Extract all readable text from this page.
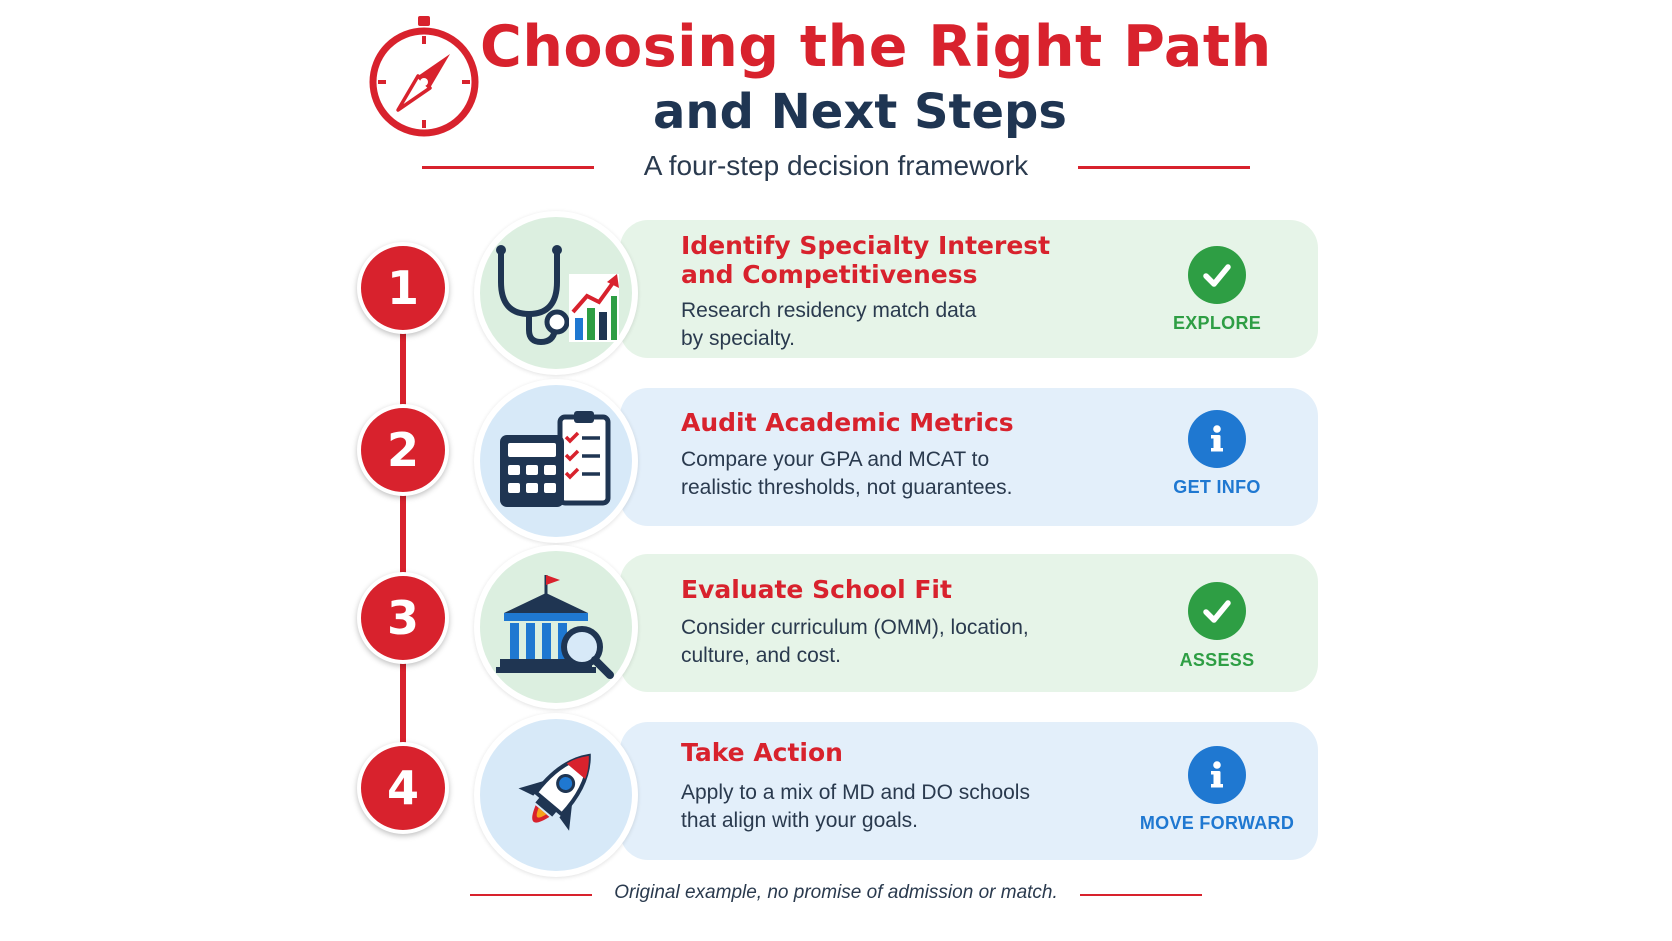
Choosing the Right Path
and Next Steps
A four-step decision framework
1
Identify Specialty Interest
and Competitiveness
Research residency match data
by specialty.
EXPLORE
2
Audit Academic Metrics
Compare your GPA and MCAT to
realistic thresholds, not guarantees.	GET INFO
3
Evaluate School Fit
Consider curriculum (OMM), location,
culture, and cost.	ASSESS
4
Take Action
Apply to a mix of MD and DO schools
that align with your goals.	MOVE FORWARD
Original example, no promise of admission or match.
